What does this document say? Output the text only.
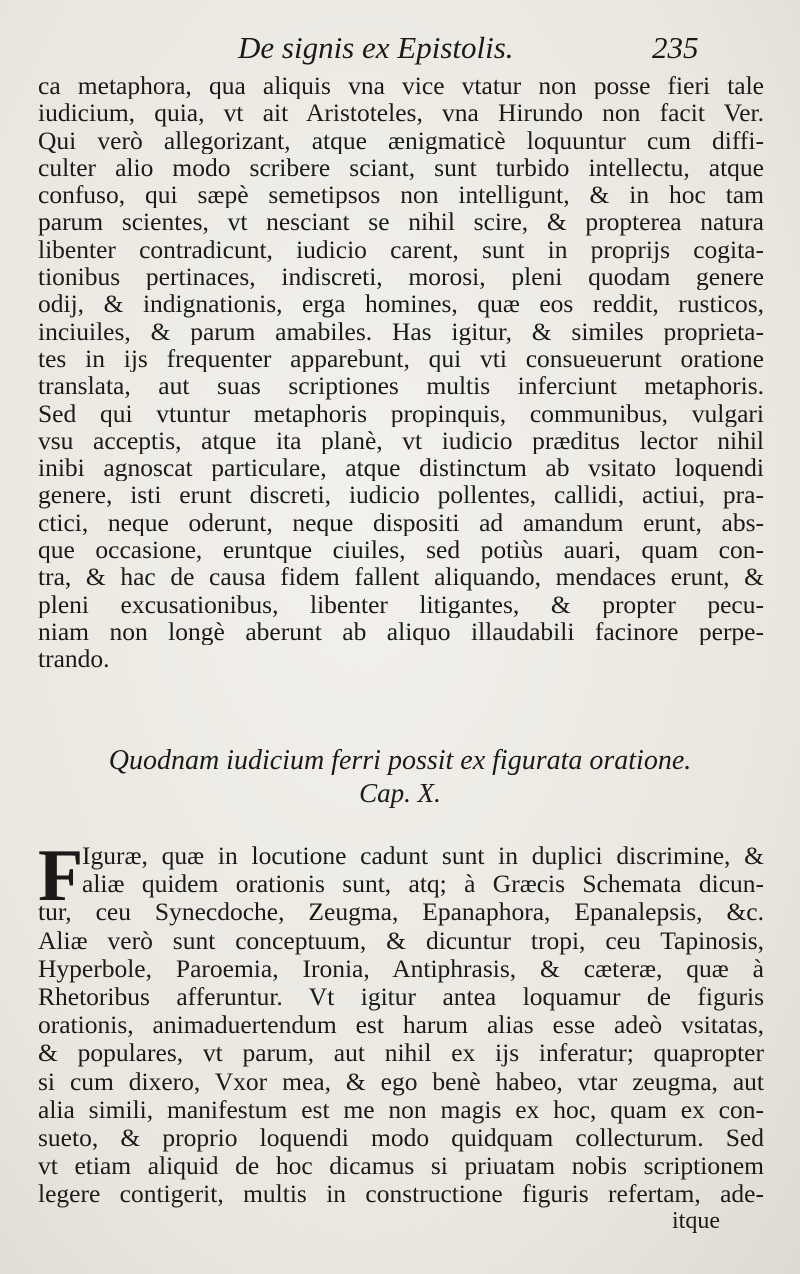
De signis ex Epistolis.	235
ca metaphora, qua aliquis vna vice vtatur non posse fieri tale
iudicium, quia, vt ait Aristoteles, vna Hirundo non facit Ver.
Qui verò allegorizant, atque ænigmaticè loquuntur cum diffi-
culter alio modo scribere sciant, sunt turbido intellectu, atque
confuso, qui sæpè semetipsos non intelligunt, & in hoc tam
parum scientes, vt nesciant se nihil scire, & propterea natura
libenter contradicunt, iudicio carent, sunt in proprijs cogita-
tionibus pertinaces, indiscreti, morosi, pleni quodam genere
odij, & indignationis, erga homines, quæ eos reddit, rusticos,
inciuiles, & parum amabiles. Has igitur, & similes proprieta-
tes in ijs frequenter apparebunt, qui vti consueuerunt oratione
translata, aut suas scriptiones multis inferciunt metaphoris.
Sed qui vtuntur metaphoris propinquis, communibus, vulgari
vsu acceptis, atque ita planè, vt iudicio præditus lector nihil
inibi agnoscat particulare, atque distinctum ab vsitato loquendi
genere, isti erunt discreti, iudicio pollentes, callidi, actiui, pra-
ctici, neque oderunt, neque dispositi ad amandum erunt, abs-
que occasione, eruntque ciuiles, sed potiùs auari, quam con-
tra, & hac de causa fidem fallent aliquando, mendaces erunt, &
pleni excusationibus, libenter litigantes, & propter pecu-
niam non longè aberunt ab aliquo illaudabili facinore perpe-
trando.
Quodnam iudicium ferri possit ex figurata oratione.
Cap. X.
F
Iguræ, quæ in locutione cadunt sunt in duplici discrimine, &
aliæ quidem orationis sunt, atq; à Græcis Schemata dicun-
tur, ceu Synecdoche, Zeugma, Epanaphora, Epanalepsis, &c.
Aliæ verò sunt conceptuum, & dicuntur tropi, ceu Tapinosis,
Hyperbole, Paroemia, Ironia, Antiphrasis, & cæteræ, quæ à
Rhetoribus afferuntur. Vt igitur antea loquamur de figuris
orationis, animaduertendum est harum alias esse adeò vsitatas,
& populares, vt parum, aut nihil ex ijs inferatur; quapropter
si cum dixero, Vxor mea, & ego benè habeo, vtar zeugma, aut
alia simili, manifestum est me non magis ex hoc, quam ex con-
sueto, & proprio loquendi modo quidquam collecturum. Sed
vt etiam aliquid de hoc dicamus si priuatam nobis scriptionem
legere contigerit, multis in constructione figuris refertam, ade-
itque
